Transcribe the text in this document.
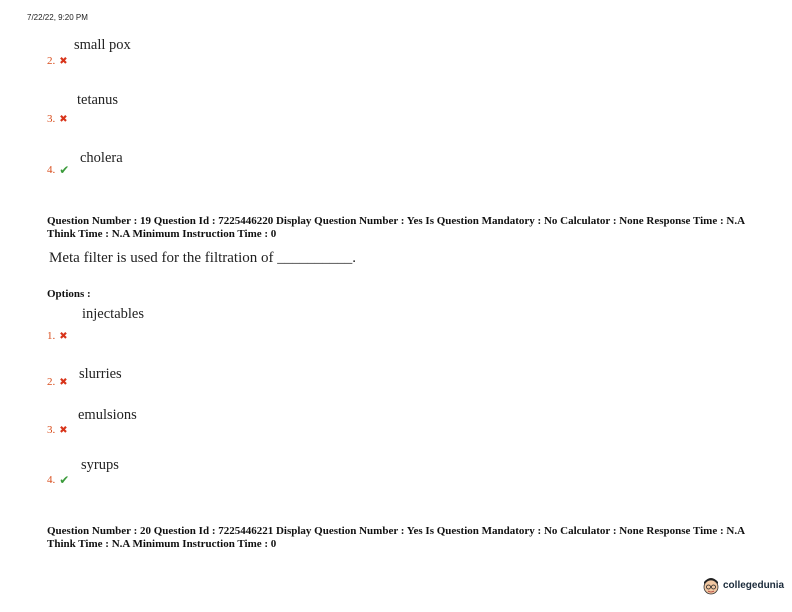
7/22/22, 9:20 PM
small pox
2. ✖
tetanus
3. ✖
cholera
4. ✔
Question Number : 19 Question Id : 7225446220 Display Question Number : Yes Is Question Mandatory : No Calculator : None Response Time : N.A Think Time : N.A Minimum Instruction Time : 0
Meta filter is used for the filtration of __________.
Options :
injectables
1. ✖
slurries
2. ✖
emulsions
3. ✖
syrups
4. ✔
Question Number : 20 Question Id : 7225446221 Display Question Number : Yes Is Question Mandatory : No Calculator : None Response Time : N.A Think Time : N.A Minimum Instruction Time : 0
collegedunia
